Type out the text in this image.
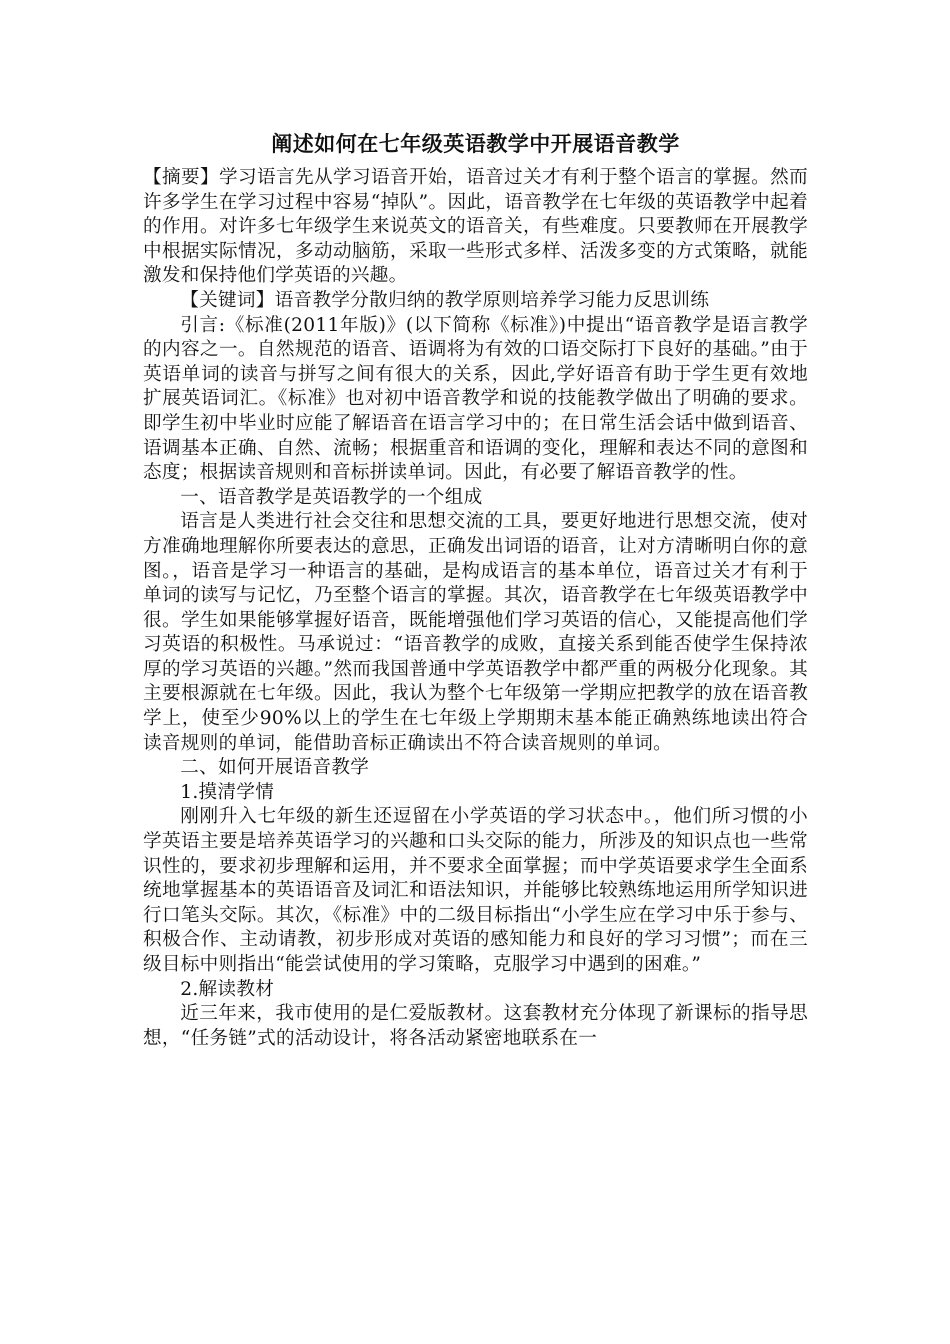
阐述如何在七年级英语教学中开展语音教学

【摘要】学习语言先从学习语音开始，语音过关才有利于整个语言的掌握。然而许多学生在学习过程中容易“掉队”。因此，语音教学在七年级的英语教学中起着的作用。对许多七年级学生来说英文的语音关，有些难度。只要教师在开展教学中根据实际情况，多动动脑筋，采取一些形式多样、活泼多变的方式策略，就能激发和保持他们学英语的兴趣。

【关键词】语音教学分散归纳的教学原则培养学习能力反思训练

引言:《标准(2011年版)》(以下简称《标准》)中提出“语音教学是语言教学的内容之一。自然规范的语音、语调将为有效的口语交际打下良好的基础。”由于英语单词的读音与拼写之间有很大的关系，因此,学好语音有助于学生更有效地扩展英语词汇。《标准》也对初中语音教学和说的技能教学做出了明确的要求。即学生初中毕业时应能了解语音在语言学习中的；在日常生活会话中做到语音、语调基本正确、自然、流畅；根据重音和语调的变化，理解和表达不同的意图和态度；根据读音规则和音标拼读单词。因此，有必要了解语音教学的性。

一、语音教学是英语教学的一个组成

语言是人类进行社会交往和思想交流的工具，要更好地进行思想交流，使对方准确地理解你所要表达的意思，正确发出词语的语音，让对方清晰明白你的意图。，语音是学习一种语言的基础，是构成语言的基本单位，语音过关才有利于单词的读写与记忆，乃至整个语言的掌握。其次，语音教学在七年级英语教学中很。学生如果能够掌握好语音，既能增强他们学习英语的信心，又能提高他们学习英语的积极性。马承说过：“语音教学的成败，直接关系到能否使学生保持浓厚的学习英语的兴趣。”然而我国普通中学英语教学中都严重的两极分化现象。其主要根源就在七年级。因此，我认为整个七年级第一学期应把教学的放在语音教学上，使至少90%以上的学生在七年级上学期期末基本能正确熟练地读出符合读音规则的单词，能借助音标正确读出不符合读音规则的单词。

二、如何开展语音教学

1.摸清学情

刚刚升入七年级的新生还逗留在小学英语的学习状态中。，他们所习惯的小学英语主要是培养英语学习的兴趣和口头交际的能力，所涉及的知识点也一些常识性的，要求初步理解和运用，并不要求全面掌握；而中学英语要求学生全面系统地掌握基本的英语语音及词汇和语法知识，并能够比较熟练地运用所学知识进行口笔头交际。其次，《标准》中的二级目标指出“小学生应在学习中乐于参与、积极合作、主动请教，初步形成对英语的感知能力和良好的学习习惯”；而在三级目标中则指出“能尝试使用的学习策略，克服学习中遇到的困难。”

2.解读教材

近三年来，我市使用的是仁爱版教材。这套教材充分体现了新课标的指导思想，“任务链”式的活动设计，将各活动紧密地联系在一
